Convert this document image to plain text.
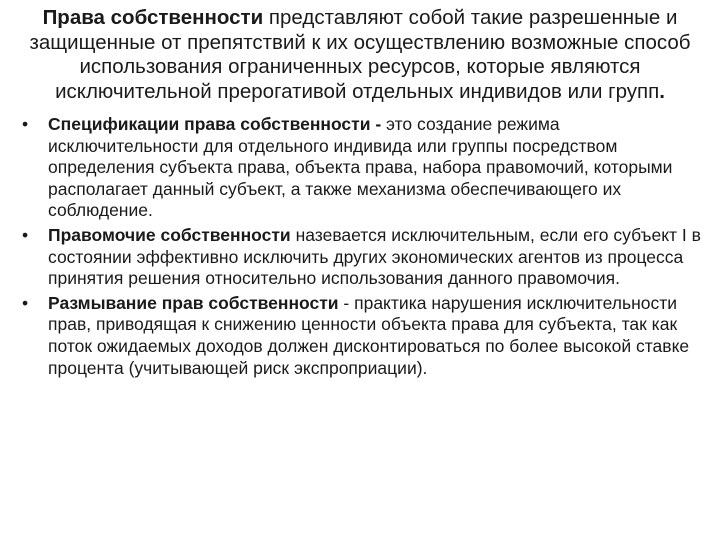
Права собственности представляют собой такие разрешенные и защищенные от препятствий к их осуществлению возможные способ использования ограниченных ресурсов, которые являются исключительной прерогативой отдельных индивидов или групп.

• Спецификации права собственности - это создание режима исключительности для отдельного индивида или группы посредством определения субъекта права, объекта права, набора правомочий, которыми располагает данный субъект, а также механизма обеспечивающего их соблюдение.
• Правомочие собственности назевается исключительным, если его субъект I в состоянии эффективно исключить других экономических агентов из процесса принятия решения относительно использования данного правомочия.
• Размывание прав собственности - практика нарушения исключительности прав, приводящая к снижению ценности объекта права для субъекта, так как поток ожидаемых доходов должен дисконтироваться по более высокой ставке процента (учитывающей риск экспроприации).
